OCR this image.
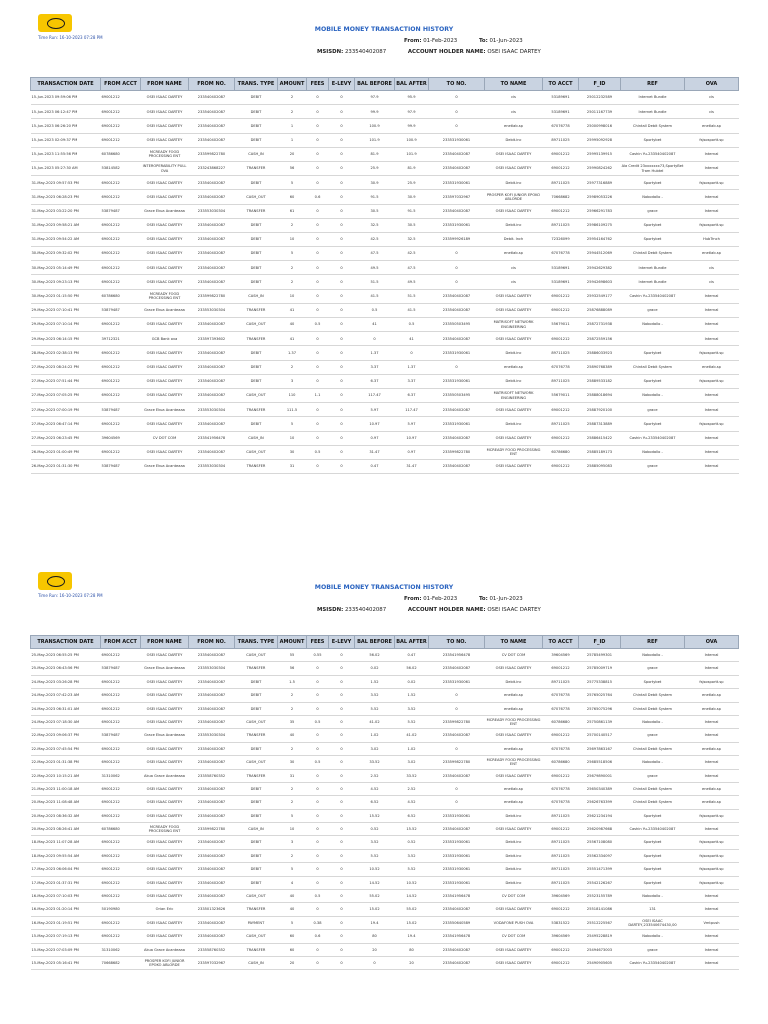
Time Run: 16-10-2023 07:28 PM
MOBILE MONEY TRANSACTION HISTORY
From: 01-Feb-2023	To: 01-Jun-2023
MSISDN: 233540402087	ACCOUNT HOLDER NAME: OSEI ISAAC DARTEY
TRANSACTION DATE	FROM ACCT	FROM NAME	FROM NO.	TRANS. TYPE	AMOUNT	FEES	E-LEVY	BAL BEFORE	BAL AFTER	TO NO.	TO NAME	TO ACCT	F_ID	REF	OVA
15-Jun-2023 09:59:06 PM	69001212	OSEI ISAAC DARTEY	233540402087	DEBIT	2	0	0	97.9	95.9	0	cis	53189691	25012232589	Internet Bundle	cis
15-Jun-2023 06:12:47 PM	69001212	OSEI ISAAC DARTEY	233540402087	DEBIT	2	0	0	99.9	97.9	0	cis	53189691	25011167739	Internet Bundle	cis
15-Jun-2023 06:26:20 PM	69001212	OSEI ISAAC DARTEY	233540402087	DEBIT	1	0	0	100.9	99.9	0	enetlab.sp	67076778	25000998016	Chintall Debit System	enetlab.sp
15-Jun-2023 02:09:37 PM	69001212	OSEI ISAAC DARTEY	233540402087	DEBIT	1	0	0	101.9	100.9	233531930061	Debit.inc	89711025	25995092928	Sportybet	fsjsosportt.sp
15-Jun-2023 11:55:56 PM	60786680	MCREADY FOOD PROCESSING ENT	233599822780	CASH_IN	20	0	0	81.9	101.9	233540402087	OSEI ISAAC DARTEY	69001212	25995139915	Cashin Yu-233540402087	Internal
15-Jun-2023 05:27:30 AM	53814582	INTEROPERABILITY PULL OVA	233243868227	TRANSFER	56	0	0	25.9	81.9	233540402087	OSEI ISAAC DARTEY	69001212	25990824262	Ala Credit 23xxxxxxx73,SportyBet Tram Hubtel	Internal
31-May-2023 09:57:53 PM	69001212	OSEI ISAAC DARTEY	233540402087	DEBIT	5	0	0	30.9	25.9	233531930061	Debit.inc	89711025	25977316889	Sportybet	fsjsosportt.sp
31-May-2023 06:28:23 PM	69001212	OSEI ISAAC DARTEY	233540402087	CASH_OUT	60	0.6	0	91.5	30.9	233597032967	PROSPER KOFI JUNIOR EPOKO ABLORDE	70668682	25989053226	Nobodallo -	Internal
31-May-2023 03:22:20 PM	53879487	Grace Ekua Acanteaaa	233553030304	TRANSFER	61	0	0	30.5	91.5	233540402087	OSEI ISAAC DARTEY	69001212	25966291783	grace	Internal
31-May-2023 09:58:21 AM	69001212	OSEI ISAAC DARTEY	233540402087	DEBIT	2	0	0	32.5	30.5	233531930061	Debit.inc	89711025	25986109275	Sportybet	fsjsosportt.sp
31-May-2023 09:54:22 AM	69001212	OSEI ISAAC DARTEY	233540402087	DEBIT	10	0	0	42.5	32.5	233599926189	Debit. Inch	72326099	25954164762	Sportybet	HubTrnch
30-May-2023 09:32:02 PM	69001212	OSEI ISAAC DARTEY	233540402087	DEBIT	5	0	0	47.5	42.5	0	enetlab.sp	67076778	25944512069	Chintall Debit System	enetlab.sp
30-May-2023 05:14:49 PM	69001212	OSEI ISAAC DARTEY	233540402087	DEBIT	2	0	0	49.5	47.5	0	cis	53189691	25942629382	Internet Bundle	cis
30-May-2023 09:23:13 PM	69001212	OSEI ISAAC DARTEY	233540402087	DEBIT	2	0	0	51.5	49.5	0	cis	53189691	25942698603	Internet Bundle	cis
30-May-2023 01:15:50 PM	60786680	MCREADY FOOD PROCESSING ENT	233599822780	CASH_IN	10	0	0	41.5	51.5	233540402087	OSEI ISAAC DARTEY	69001212	25932549177	Cashin Yu-233540402087	Internal
29-May-2023 07:10:41 PM	53879487	Grace Ekua Acanteaaa	233553030304	TRANSFER	41	0	0	0.5	41.5	233540402087	OSEI ISAAC DARTEY	69001212	25876888089	grace	Internal
29-May-2023 07:10:14 PM	69001212	OSEI ISAAC DARTEY	233540402087	CASH_OUT	40	0.5	0	41	0.5	233550503495	MATRISOFT NETWORK ENGINEERING	55679011	25872731938	Nobodallo -	Internal
29-May-2023 06:14:15 PM	39712321	GCB Bank ova	233597393602	TRANSFER	41	0	0	0	41	233540402087	OSEI ISAAC DARTEY	69001212	25872559156		Internal
28-May-2023 02:38:13 PM	69001212	OSEI ISAAC DARTEY	233540402087	DEBIT	1.37	0	0	1.37	0	233531930061	Debit.inc	89711025	25886033923	Sportybet	fsjsosportt.sp
27-May-2023 08:24:22 PM	69001212	OSEI ISAAC DARTEY	233540402087	DEBIT	2	0	0	3.37	1.37	0	enetlab.sp	67076778	25890768389	Chintall Debit System	enetlab.sp
27-May-2023 07:51:44 PM	69001212	OSEI ISAAC DARTEY	233540402087	DEBIT	3	0	0	6.37	3.37	233531930061	Debit.inc	89711025	25889533182	Sportybet	fsjsosportt.sp
27-May-2023 07:05:25 PM	69001212	OSEI ISAAC DARTEY	233540402087	CASH_OUT	110	1.1	0	117.47	6.37	233550503495	MATRISOFT NETWORK ENGINEERING	55679011	25888018694	Nobodallo -	Internal
27-May-2023 07:00:19 PM	53879487	Grace Ekua Acanteaaa	233553030304	TRANSFER	111.5	0	0	5.97	117.47	233540402087	OSEI ISAAC DARTEY	69001212	25887920100	grace	Internal
27-May-2023 06:47:14 PM	69001212	OSEI ISAAC DARTEY	233540402087	DEBIT	5	0	0	10.97	5.97	233531930061	Debit.inc	89711025	25887313889	Sportybet	fsjsosportt.sp
27-May-2023 06:23:45 PM	39604569	CV DOT COM	233541956478	CASH_IN	10	0	0	0.97	10.97	233540402087	OSEI ISAAC DARTEY	69001212	25886415422	Cashin Yu-233540402087	Internal
26-May-2023 01:00:49 PM	69001212	OSEI ISAAC DARTEY	233540402087	CASH_OUT	30	0.5	0	31.47	0.97	233599822780	MCREADY FOOD PROCESSING ENT	60786680	25885189173	Nobodallo -	Internal
26-May-2023 01:31:30 PM	53879487	Grace Ekua Acanteaaa	233553030304	TRANSFER	31	0	0	0.47	31.47	233540402087	OSEI ISAAC DARTEY	69001212	25885095083	grace	Internal
Time Run: 16-10-2023 07:28 PM
MOBILE MONEY TRANSACTION HISTORY
From: 01-Feb-2023	To: 01-Jun-2023
MSISDN: 233540402087	ACCOUNT HOLDER NAME: OSEI ISAAC DARTEY
TRANSACTION DATE	FROM ACCT	FROM NAME	FROM NO.	TRANS. TYPE	AMOUNT	FEES	E-LEVY	BAL BEFORE	BAL AFTER	TO NO.	TO NAME	TO ACCT	F_ID	REF	OVA
25-May-2023 06:55:25 PM	69001212	OSEI ISAAC DARTEY	233540402087	CASH_OUT	55	0.55	0	56.02	0.47	233541956478	CV DOT COM	39604569	25785499301	Nobodallo -	Internal
25-May-2023 06:43:56 PM	53879487	Grace Ekua Acanteaaa	233553030304	TRANSFER	56	0	0	0.02	56.02	233540402087	OSEI ISAAC DARTEY	69001212	25785009719	grace	Internal
24-May-2023 03:26:28 PM	69001212	OSEI ISAAC DARTEY	233540402087	DEBIT	1.5	0	0	1.52	0.02	233531930061	Debit.inc	89711025	25775338815	Sportybet	fsjsosportt.sp
24-May-2023 07:42:23 AM	69001212	OSEI ISAAC DARTEY	233540402087	DEBIT	2	0	0	3.52	1.52	0	enetlab.sp	67076778	25765025764	Chintall Debit System	enetlab.sp
24-May-2023 06:31:01 AM	69001212	OSEI ISAAC DARTEY	233540402087	DEBIT	2	0	0	5.52	3.52	0	enetlab.sp	67076778	25765075296	Chintall Debit System	enetlab.sp
24-May-2023 07:18:30 AM	69001212	OSEI ISAAC DARTEY	233540402087	CASH_OUT	35	0.5	0	41.02	5.52	233599822780	MCREADY FOOD PROCESSING ENT	60786680	25750861139	Nobodallo -	Internal
22-May-2023 09:06:37 PM	53879487	Grace Ekua Acanteaaa	233553030304	TRANSFER	40	0	0	1.02	41.02	233540402087	OSEI ISAAC DARTEY	69001212	25700140517	grace	Internal
22-May-2023 07:45:54 PM	69001212	OSEI ISAAC DARTEY	233540402087	DEBIT	2	0	0	3.02	1.02	0	enetlab.sp	67076778	25697863167	Chintall Debit System	enetlab.sp
22-May-2023 01:31:38 PM	69001212	OSEI ISAAC DARTEY	233540402087	CASH_OUT	30	0.5	0	33.52	3.02	233599822780	MCREADY FOOD PROCESSING ENT	60786680	25685518506	Nobodallo -	Internal
22-May-2023 10:15:21 AM	31310062	Akua Grace Acanteaaa	233558760352	TRANSFER	31	0	0	2.52	33.52	233540402087	OSEI ISAAC DARTEY	69001212	25679890001	grace	Internal
21-May-2023 11:00:18 AM	69001212	OSEI ISAAC DARTEY	233540402087	DEBIT	2	0	0	4.52	2.52	0	enetlab.sp	67076778	25650340389	Chintall Debit System	enetlab.sp
20-May-2023 11:08:48 AM	69001212	OSEI ISAAC DARTEY	233540402087	DEBIT	2	0	0	6.52	4.52	0	enetlab.sp	67076778	25626763399	Chintall Debit System	enetlab.sp
20-May-2023 08:36:32 AM	69001212	OSEI ISAAC DARTEY	233540402087	DEBIT	5	0	0	15.52	6.52	233531930061	Debit.inc	89711025	25621234194	Sportybet	fsjsosportt.sp
20-May-2023 08:26:41 AM	60786680	MCREADY FOOD PROCESSING ENT	233599822780	CASH_IN	10	0	0	0.52	15.52	233540402087	OSEI ISAAC DARTEY	69001212	25620987668	Cashin Yu-233540402087	Internal
18-May-2023 11:07:28 AM	69001212	OSEI ISAAC DARTEY	233540402087	DEBIT	3	0	0	3.52	0.52	233531930061	Debit.inc	89711025	25567108080	Sportybet	fsjsosportt.sp
18-May-2023 09:55:54 AM	69001212	OSEI ISAAC DARTEY	233540402087	DEBIT	2	0	0	5.52	3.52	233531930061	Debit.inc	89711025	25562334097	Sportybet	fsjsosportt.sp
17-May-2023 06:06:04 PM	69001212	OSEI ISAAC DARTEY	233540402087	DEBIT	5	0	0	10.52	5.52	233531930061	Debit.inc	89711025	25551471399	Sportybet	fsjsosportt.sp
17-May-2023 01:37:31 PM	69001212	OSEI ISAAC DARTEY	233540402087	DEBIT	4	0	0	14.52	10.52	233531930061	Debit.inc	89711025	25542126267	Sportybet	fsjsosportt.sp
16-May-2023 07:10:03 PM	69001212	OSEI ISAAC DARTEY	233540402087	CASH_OUT	40	0.5	0	55.02	14.52	233541956478	CV DOT COM	39604569	25523155789	Nobodallo -	Internal
16-May-2023 01:20:14 PM	50190980	Orian Eric	233501323626	TRANSFER	40	0	0	15.02	55.02	233540402087	OSEI ISAAC DARTEY	69001212	25518141086	131	Internal
16-May-2023 01:19:51 PM	69001212	OSEI ISAAC DARTEY	233540402087	PAYMENT	5	0.38	0	19.4	15.02	233550640589	VODAFONE PUSH OVA	53831522	25512225567	OSEI ISAAC DARTEY,233540674430,00	Vmtpush
15-May-2023 07:19:13 PM	69001212	OSEI ISAAC DARTEY	233540402087	CASH_OUT	60	0.6	0	80	19.4	233541956478	CV DOT COM	39604569	25495228819	Nobodallo -	Internal
15-May-2023 07:03:09 PM	31310062	Akua Grace Acanteaaa	233558760352	TRANSFER	60	0	0	20	80	233540402087	OSEI ISAAC DARTEY	69001212	25494673003	grace	Internal
15-May-2023 05:16:41 PM	70668682	PROSPER KOFI JUNIOR EPOKO ABLORDE	233597032967	CASH_IN	20	0	0	0	20	233540402087	OSEI ISAAC DARTEY	69001212	25490905605	Cashin Yu-233540402087	Internal
